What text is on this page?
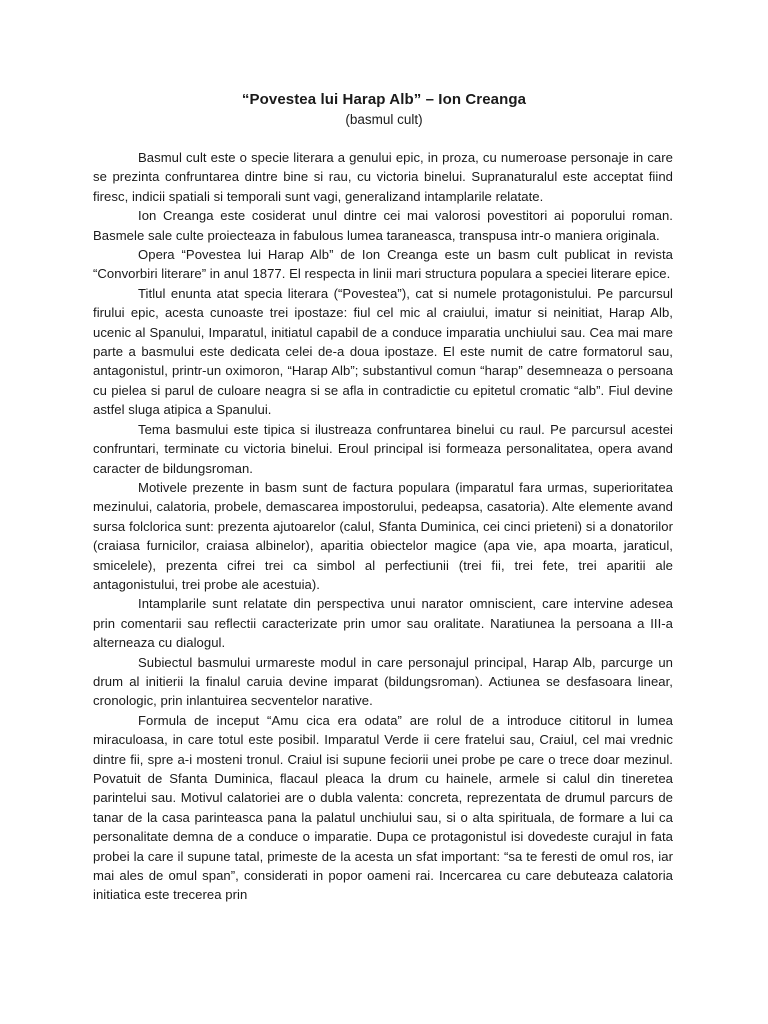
“Povestea lui Harap Alb” – Ion Creanga
(basmul cult)

Basmul cult este o specie literara a genului epic, in proza, cu numeroase personaje in care se prezinta confruntarea dintre bine si rau, cu victoria binelui. Supranaturalul este acceptat fiind firesc, indicii spatiali si temporali sunt vagi, generalizand intamplarile relatate.

Ion Creanga este cosiderat unul dintre cei mai valorosi povestitori ai poporului roman. Basmele sale culte proiecteaza in fabulous lumea taraneasca, transpusa intr-o maniera originala.

Opera “Povestea lui Harap Alb” de Ion Creanga este un basm cult publicat in revista “Convorbiri literare” in anul 1877. El respecta in linii mari structura populara a speciei literare epice.

Titlul enunta atat specia literara (“Povestea”), cat si numele protagonistului. Pe parcursul firului epic, acesta cunoaste trei ipostaze: fiul cel mic al craiului, imatur si neinitiat, Harap Alb, ucenic al Spanului, Imparatul, initiatul capabil de a conduce imparatia unchiului sau. Cea mai mare parte a basmului este dedicata celei de-a doua ipostaze. El este numit de catre formatorul sau, antagonistul, printr-un oximoron, “Harap Alb”; substantivul comun “harap” desemneaza o persoana cu pielea si parul de culoare neagra si se afla in contradictie cu epitetul cromatic “alb”. Fiul devine astfel sluga atipica a Spanului.

Tema basmului este tipica si ilustreaza confruntarea binelui cu raul. Pe parcursul acestei confruntari, terminate cu victoria binelui. Eroul principal isi formeaza personalitatea, opera avand caracter de bildungsroman.

Motivele prezente in basm sunt de factura populara (imparatul fara urmas, superioritatea mezinului, calatoria, probele, demascarea impostorului, pedeapsa, casatoria). Alte elemente avand sursa folclorica sunt: prezenta ajutoarelor (calul, Sfanta Duminica, cei cinci prieteni) si a donatorilor (craiasa furnicilor, craiasa albinelor), aparitia obiectelor magice (apa vie, apa moarta, jaraticul, smicelele), prezenta cifrei trei ca simbol al perfectiunii (trei fii, trei fete, trei aparitii ale antagonistului, trei probe ale acestuia).

Intamplarile sunt relatate din perspectiva unui narator omniscient, care intervine adesea prin comentarii sau reflectii caracterizate prin umor sau oralitate. Naratiunea la persoana a III-a alterneaza cu dialogul.

Subiectul basmului urmareste modul in care personajul principal, Harap Alb, parcurge un drum al initierii la finalul caruia devine imparat (bildungsroman). Actiunea se desfasoara linear, cronologic, prin inlantuirea secventelor narative.

Formula de inceput “Amu cica era odata” are rolul de a introduce cititorul in lumea miraculoasa, in care totul este posibil. Imparatul Verde ii cere fratelui sau, Craiul, cel mai vrednic dintre fii, spre a-i mosteni tronul. Craiul isi supune feciorii unei probe pe care o trece doar mezinul. Povatuit de Sfanta Duminica, flacaul pleaca la drum cu hainele, armele si calul din tineretea parintelui sau. Motivul calatoriei are o dubla valenta: concreta, reprezentata de drumul parcurs de tanar de la casa parinteasca pana la palatul unchiului sau, si o alta spirituala, de formare a lui ca personalitate demna de a conduce o imparatie. Dupa ce protagonistul isi dovedeste curajul in fata probei la care il supune tatal, primeste de la acesta un sfat important: “sa te feresti de omul ros, iar mai ales de omul span”, considerati in popor oameni rai. Incercarea cu care debuteaza calatoria initiatica este trecerea prin
